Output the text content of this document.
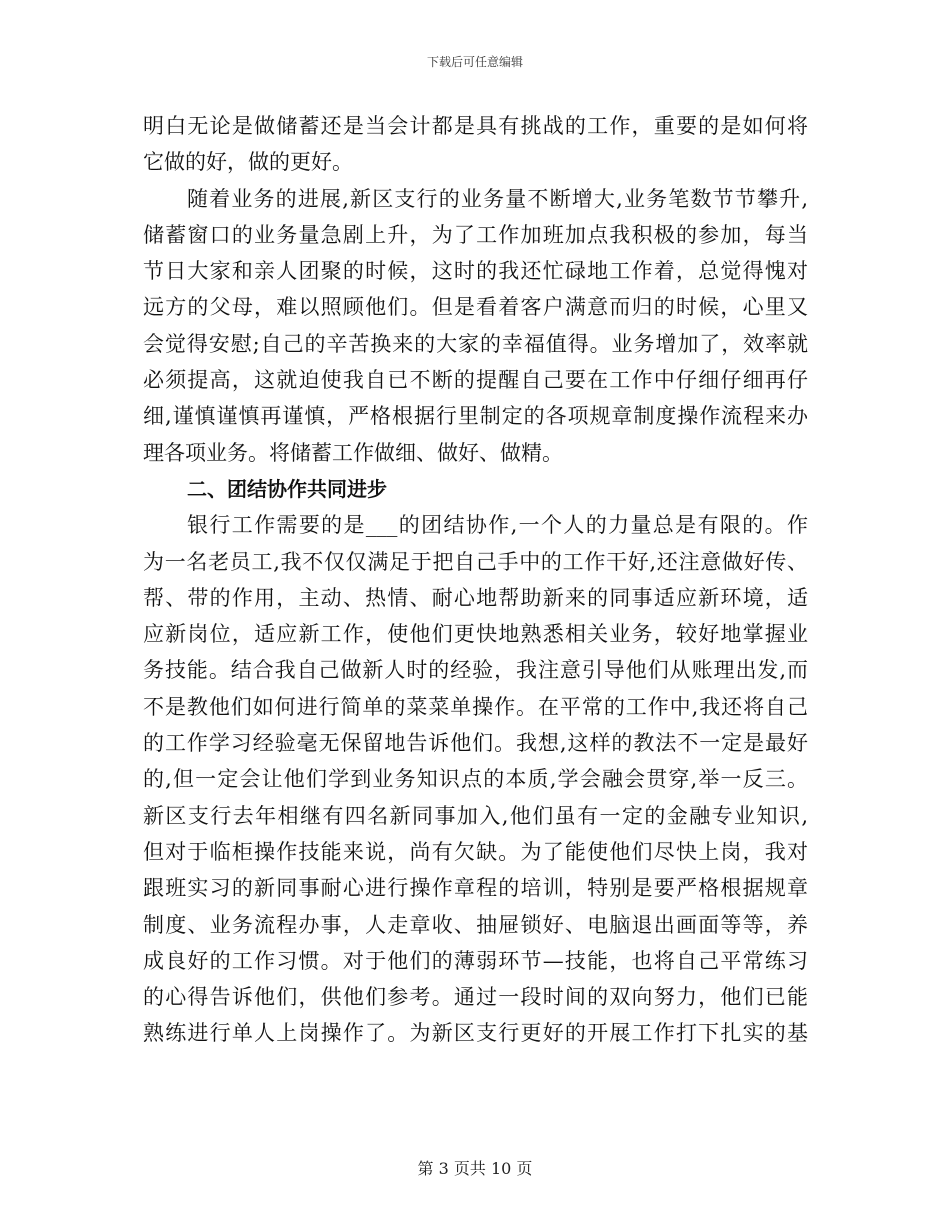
下载后可任意编辑
明白无论是做储蓄还是当会计都是具有挑战的工作，重要的是如何将
它做的好，做的更好。
随着业务的进展,新区支行的业务量不断增大,业务笔数节节攀升,
储蓄窗口的业务量急剧上升，为了工作加班加点我积极的参加，每当
节日大家和亲人团聚的时候，这时的我还忙碌地工作着，总觉得愧对
远方的父母，难以照顾他们。但是看着客户满意而归的时候，心里又
会觉得安慰;自己的辛苦换来的大家的幸福值得。业务增加了，效率就
必须提高，这就迫使我自已不断的提醒自己要在工作中仔细仔细再仔
细,谨慎谨慎再谨慎，严格根据行里制定的各项规章制度操作流程来办
理各项业务。将储蓄工作做细、做好、做精。
二、团结协作共同进步
银行工作需要的是___的团结协作,一个人的力量总是有限的。作
为一名老员工,我不仅仅满足于把自己手中的工作干好,还注意做好传、
帮、带的作用，主动、热情、耐心地帮助新来的同事适应新环境，适
应新岗位，适应新工作，使他们更快地熟悉相关业务，较好地掌握业
务技能。结合我自己做新人时的经验，我注意引导他们从账理出发,而
不是教他们如何进行简单的菜菜单操作。在平常的工作中,我还将自己
的工作学习经验毫无保留地告诉他们。我想,这样的教法不一定是最好
的,但一定会让他们学到业务知识点的本质,学会融会贯穿,举一反三。
新区支行去年相继有四名新同事加入,他们虽有一定的金融专业知识,
但对于临柜操作技能来说，尚有欠缺。为了能使他们尽快上岗，我对
跟班实习的新同事耐心进行操作章程的培训，特别是要严格根据规章
制度、业务流程办事，人走章收、抽屉锁好、电脑退出画面等等，养
成良好的工作习惯。对于他们的薄弱环节—技能，也将自己平常练习
的心得告诉他们，供他们参考。通过一段时间的双向努力，他们已能
熟练进行单人上岗操作了。为新区支行更好的开展工作打下扎实的基
第 3 页共 10 页
